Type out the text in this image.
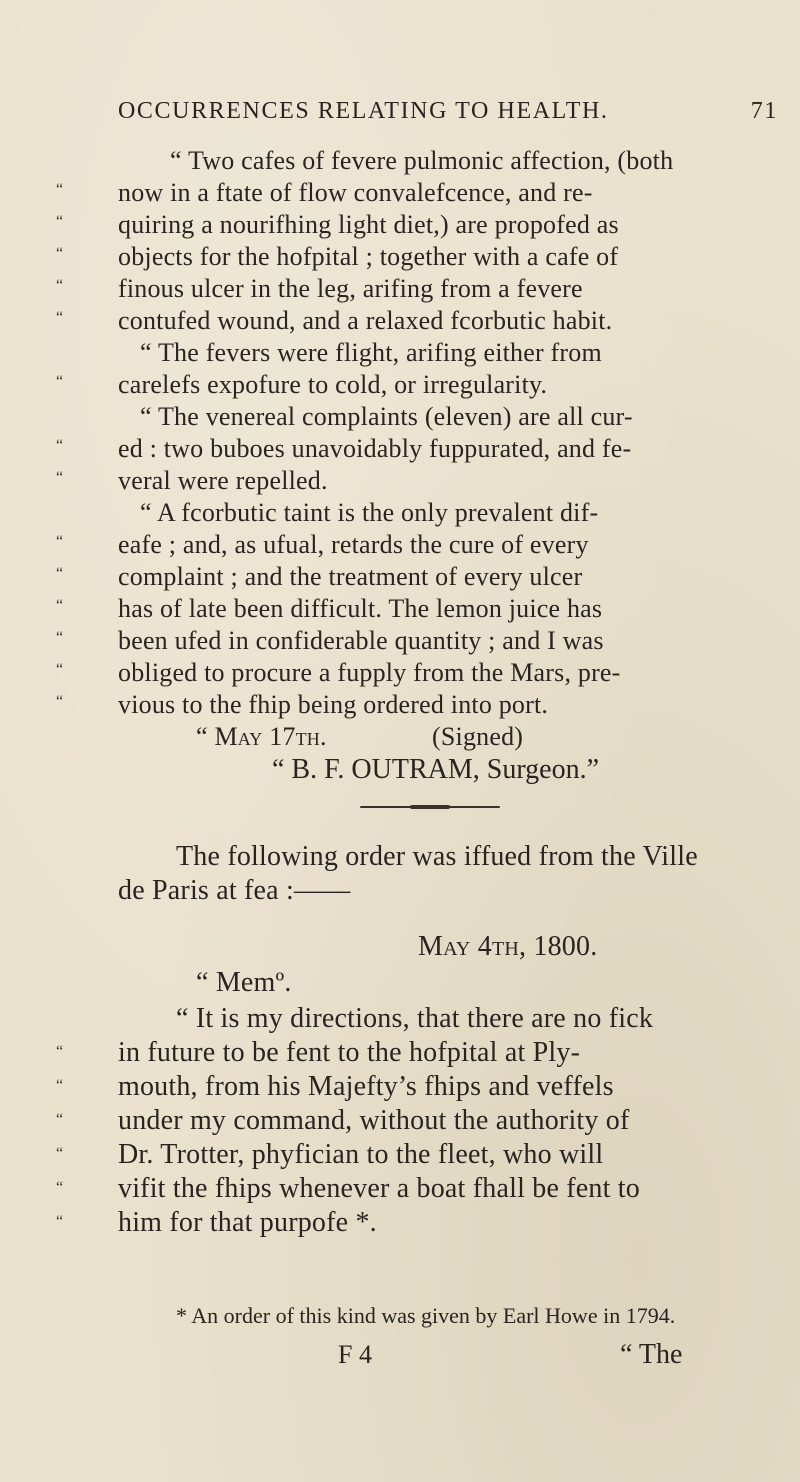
OCCURRENCES RELATING TO HEALTH.	71
“ Two cafes of fevere pulmonic affection, (both
now in a ftate of flow convalefcence, and re-
quiring a nourifhing light diet,) are propofed as
objects for the hofpital ; together with a cafe of
finous ulcer in the leg, arifing from a fevere
contufed wound, and a relaxed fcorbutic habit.
“ The fevers were flight, arifing either from
carelefs expofure to cold, or irregularity.
“ The venereal complaints (eleven) are all cur-
ed : two buboes unavoidably fuppurated, and fe-
veral were repelled.
“ A fcorbutic taint is the only prevalent dif-
eafe ; and, as ufual, retards the cure of every
complaint ; and the treatment of every ulcer
has of late been difficult. The lemon juice has
been ufed in confiderable quantity ; and I was
obliged to procure a fupply from the Mars, pre-
vious to the fhip being ordered into port.
“
“
“
“
“
“
“
“
“
“
“
“
“
“
“ May 17th.	(Signed)
“ B. F. OUTRAM, Surgeon.”
The following order was iffued from the Ville
de Paris at fea :——
May 4th, 1800.
“ Memº.
“ It is my directions, that there are no fick
in future to be fent to the hofpital at Ply-
mouth, from his Majefty’s fhips and veffels
under my command, without the authority of
Dr. Trotter, phyfician to the fleet, who will
vifit the fhips whenever a boat fhall be fent to
him for that purpofe *.
“
“
“
“
“
“
* An order of this kind was given by Earl Howe in 1794.
F 4	“ The
